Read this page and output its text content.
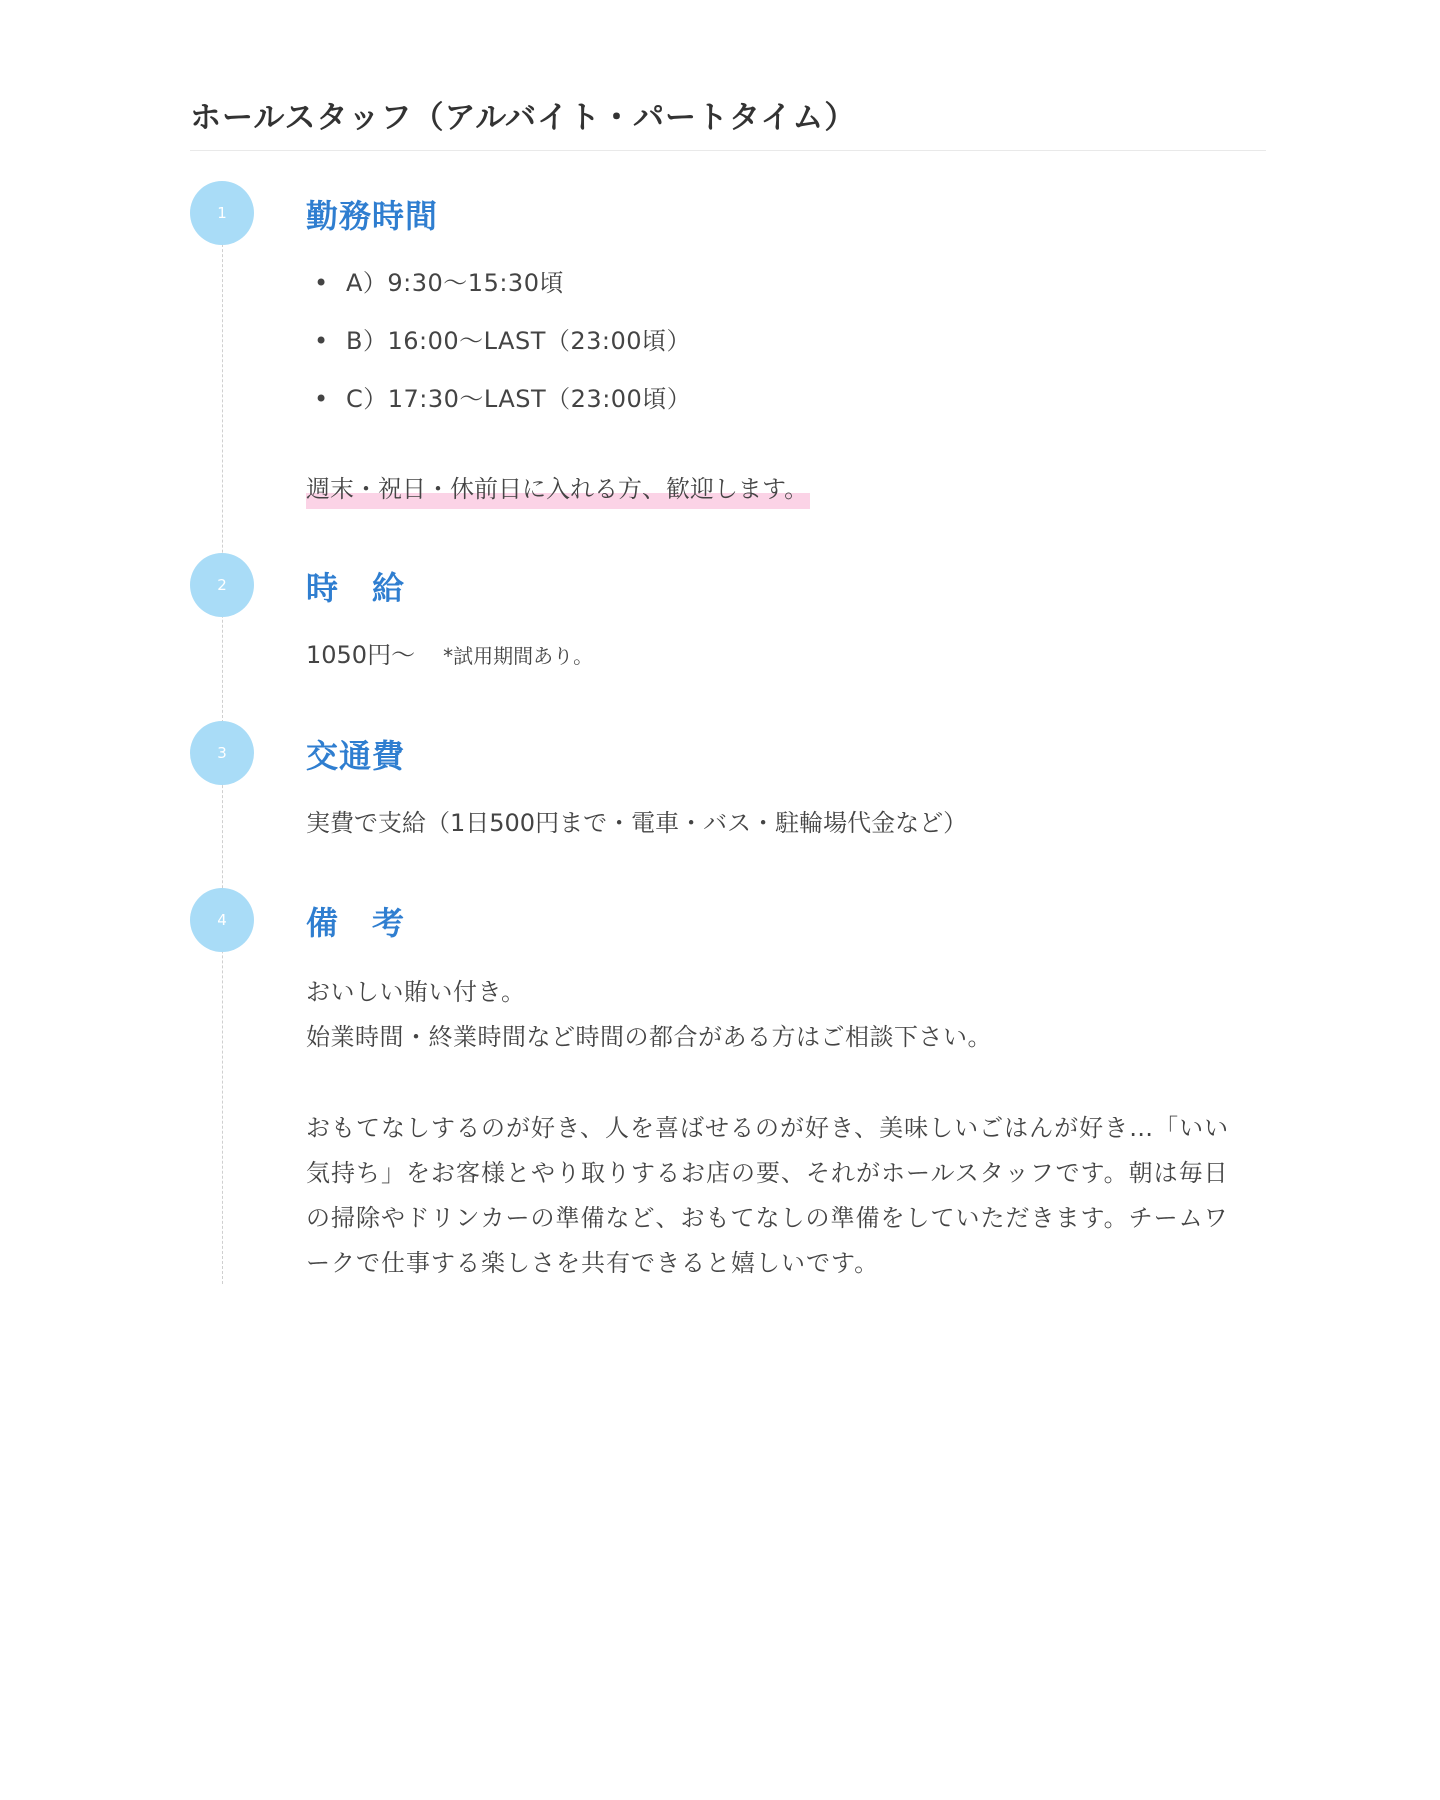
ホールスタッフ（アルバイト・パートタイム）
1	勤務時間
• A）9:30〜15:30頃
• B）16:00〜LAST（23:00頃）
• C）17:30〜LAST（23:00頃）
週末・祝日・休前日に入れる方、歓迎します。
2	時　給
1050円〜 *試用期間あり。
3	交通費
実費で支給（1日500円まで・電車・バス・駐輪場代金など）
4	備　考

おいしい賄い付き。

始業時間・終業時間など時間の都合がある方はご相談下さい。

おもてなしするのが好き、人を喜ばせるのが好き、美味しいごはんが好き…「いい気持ち」をお客様とやり取りするお店の要、それがホールスタッフです。朝は毎日の掃除やドリンカーの準備など、おもてなしの準備をしていただきます。チームワークで仕事する楽しさを共有できると嬉しいです。
